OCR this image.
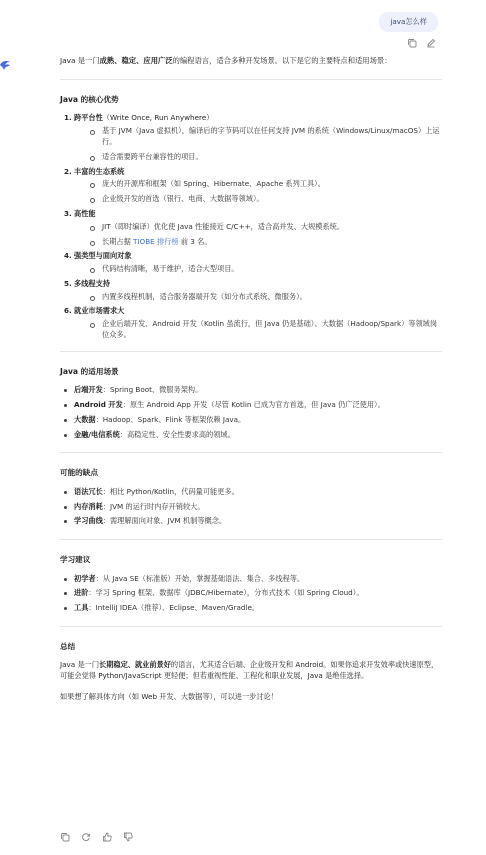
java怎么样

Java 是一门成熟、稳定、应用广泛的编程语言，适合多种开发场景。以下是它的主要特点和适用场景：

Java 的核心优势
1. 跨平台性（Write Once, Run Anywhere）
基于 JVM（Java 虚拟机），编译后的字节码可以在任何支持 JVM 的系统（Windows/Linux/macOS）上运行。
适合需要跨平台兼容性的项目。
2. 丰富的生态系统
庞大的开源库和框架（如 Spring、Hibernate、Apache 系列工具）。
企业级开发的首选（银行、电商、大数据等领域）。
3. 高性能
JIT（即时编译）优化使 Java 性能接近 C/C++，适合高并发、大规模系统。
长期占据 TIOBE 排行榜 前 3 名。
4. 强类型与面向对象
代码结构清晰，易于维护，适合大型项目。
5. 多线程支持
内置多线程机制，适合服务器端开发（如分布式系统、微服务）。
6. 就业市场需求大
企业后端开发、Android 开发（Kotlin 虽流行，但 Java 仍是基础）、大数据（Hadoop/Spark）等领域岗位众多。
Java 的适用场景
后端开发：Spring Boot、微服务架构。
Android 开发：原生 Android App 开发（尽管 Kotlin 已成为官方首选，但 Java 仍广泛使用）。
大数据：Hadoop、Spark、Flink 等框架依赖 Java。
金融/电信系统：高稳定性、安全性要求高的领域。
可能的缺点
语法冗长：相比 Python/Kotlin，代码量可能更多。
内存消耗：JVM 的运行时内存开销较大。
学习曲线：需理解面向对象、JVM 机制等概念。
学习建议
初学者：从 Java SE（标准版）开始，掌握基础语法、集合、多线程等。
进阶：学习 Spring 框架、数据库（JDBC/Hibernate），分布式技术（如 Spring Cloud）。
工具：IntelliJ IDEA（推荐）、Eclipse、Maven/Gradle。
总结

Java 是一门长期稳定、就业前景好的语言，尤其适合后端、企业级开发和 Android。如果你追求开发效率或快速原型，可能会觉得 Python/JavaScript 更轻便；但若重视性能、工程化和职业发展，Java 是绝佳选择。

如果想了解具体方向（如 Web 开发、大数据等），可以进一步讨论！
